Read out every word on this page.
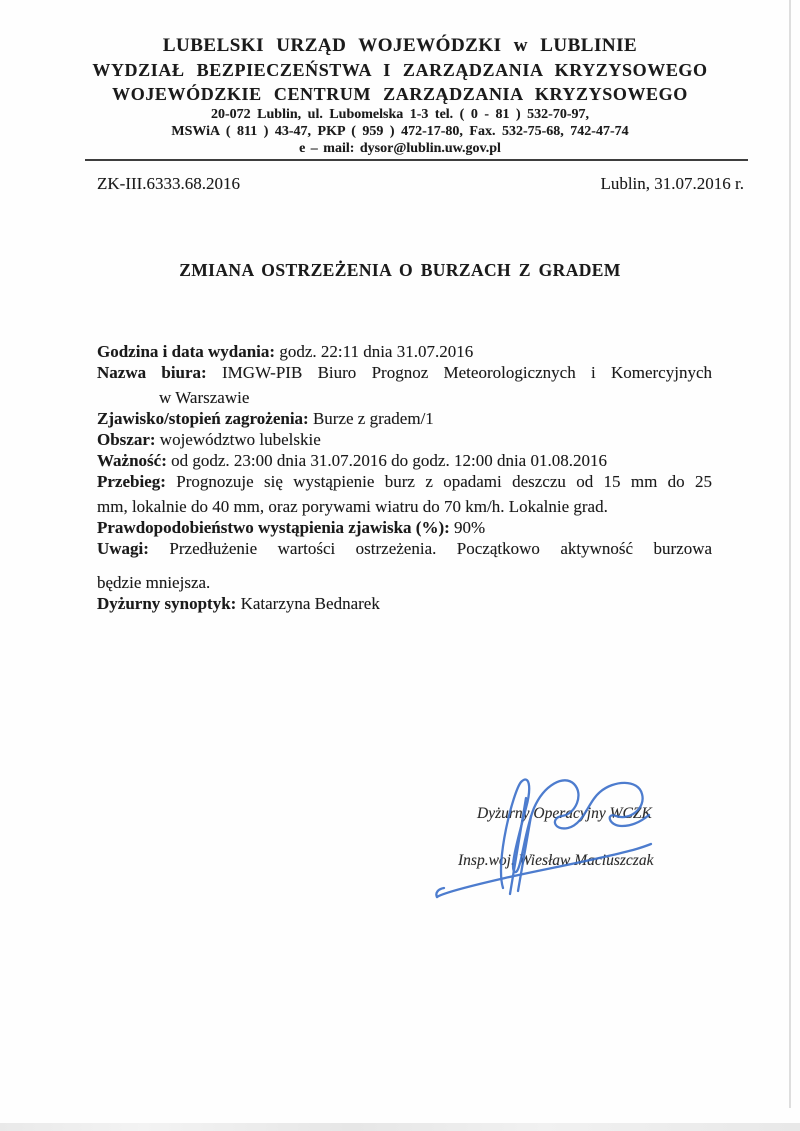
LUBELSKI URZĄD WOJEWÓDZKI w LUBLINIE
WYDZIAŁ BEZPIECZEŃSTWA I ZARZĄDZANIA KRYZYSOWEGO
WOJEWÓDZKIE CENTRUM ZARZĄDZANIA KRYZYSOWEGO
20-072 Lublin, ul. Lubomelska 1-3 tel. ( 0 - 81 ) 532-70-97,
MSWiA ( 811 ) 43-47, PKP ( 959 ) 472-17-80, Fax. 532-75-68, 742-47-74
e – mail: dysor@lublin.uw.gov.pl
ZK-III.6333.68.2016	Lublin, 31.07.2016 r.
ZMIANA OSTRZEŻENIA O BURZACH Z GRADEM

Godzina i data wydania: godz. 22:11 dnia 31.07.2016

Nazwa biura: IMGW-PIB Biuro Prognoz Meteorologicznych i Komercyjnych
w Warszawie

Zjawisko/stopień zagrożenia: Burze z gradem/1

Obszar: województwo lubelskie

Ważność: od godz. 23:00 dnia 31.07.2016 do godz. 12:00 dnia 01.08.2016

Przebieg: Prognozuje się wystąpienie burz z opadami deszczu od 15 mm do 25
mm, lokalnie do 40 mm, oraz porywami wiatru do 70 km/h. Lokalnie grad.

Prawdopodobieństwo wystąpienia zjawiska (%): 90%

Uwagi: Przedłużenie wartości ostrzeżenia. Początkowo aktywność burzowa
będzie mniejsza.

Dyżurny synoptyk: Katarzyna Bednarek

Dyżurny Operacyjny WCZK
Insp.woj. Wiesław Maciuszczak
